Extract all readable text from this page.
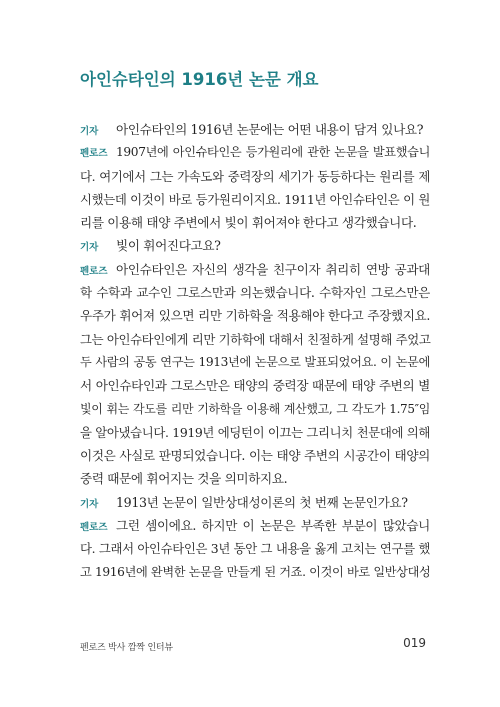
아인슈타인의 1916년 논문 개요
기자 아인슈타인의 1916년 논문에는 어떤 내용이 담겨 있나요?
펜로즈 1907년에 아인슈타인은 등가원리에 관한 논문을 발표했습니
다. 여기에서 그는 가속도와 중력장의 세기가 동등하다는 원리를 제
시했는데 이것이 바로 등가원리이지요. 1911년 아인슈타인은 이 원
리를 이용해 태양 주변에서 빛이 휘어져야 한다고 생각했습니다.
기자 빛이 휘어진다고요?
펜로즈 아인슈타인은 자신의 생각을 친구이자 취리히 연방 공과대
학 수학과 교수인 그로스만과 의논했습니다. 수학자인 그로스만은
우주가 휘어져 있으면 리만 기하학을 적용해야 한다고 주장했지요.
그는 아인슈타인에게 리만 기하학에 대해서 친절하게 설명해 주었고
두 사람의 공동 연구는 1913년에 논문으로 발표되었어요. 이 논문에
서 아인슈타인과 그로스만은 태양의 중력장 때문에 태양 주변의 별
빛이 휘는 각도를 리만 기하학을 이용해 계산했고, 그 각도가 1.75″임
을 알아냈습니다. 1919년 에딩턴이 이끄는 그리니치 천문대에 의해
이것은 사실로 판명되었습니다. 이는 태양 주변의 시공간이 태양의
중력 때문에 휘어지는 것을 의미하지요.
기자 1913년 논문이 일반상대성이론의 첫 번째 논문인가요?
펜로즈 그런 셈이에요. 하지만 이 논문은 부족한 부분이 많았습니
다. 그래서 아인슈타인은 3년 동안 그 내용을 옳게 고치는 연구를 했
고 1916년에 완벽한 논문을 만들게 된 거죠. 이것이 바로 일반상대성
펜로즈 박사 깜짝 인터뷰	019
